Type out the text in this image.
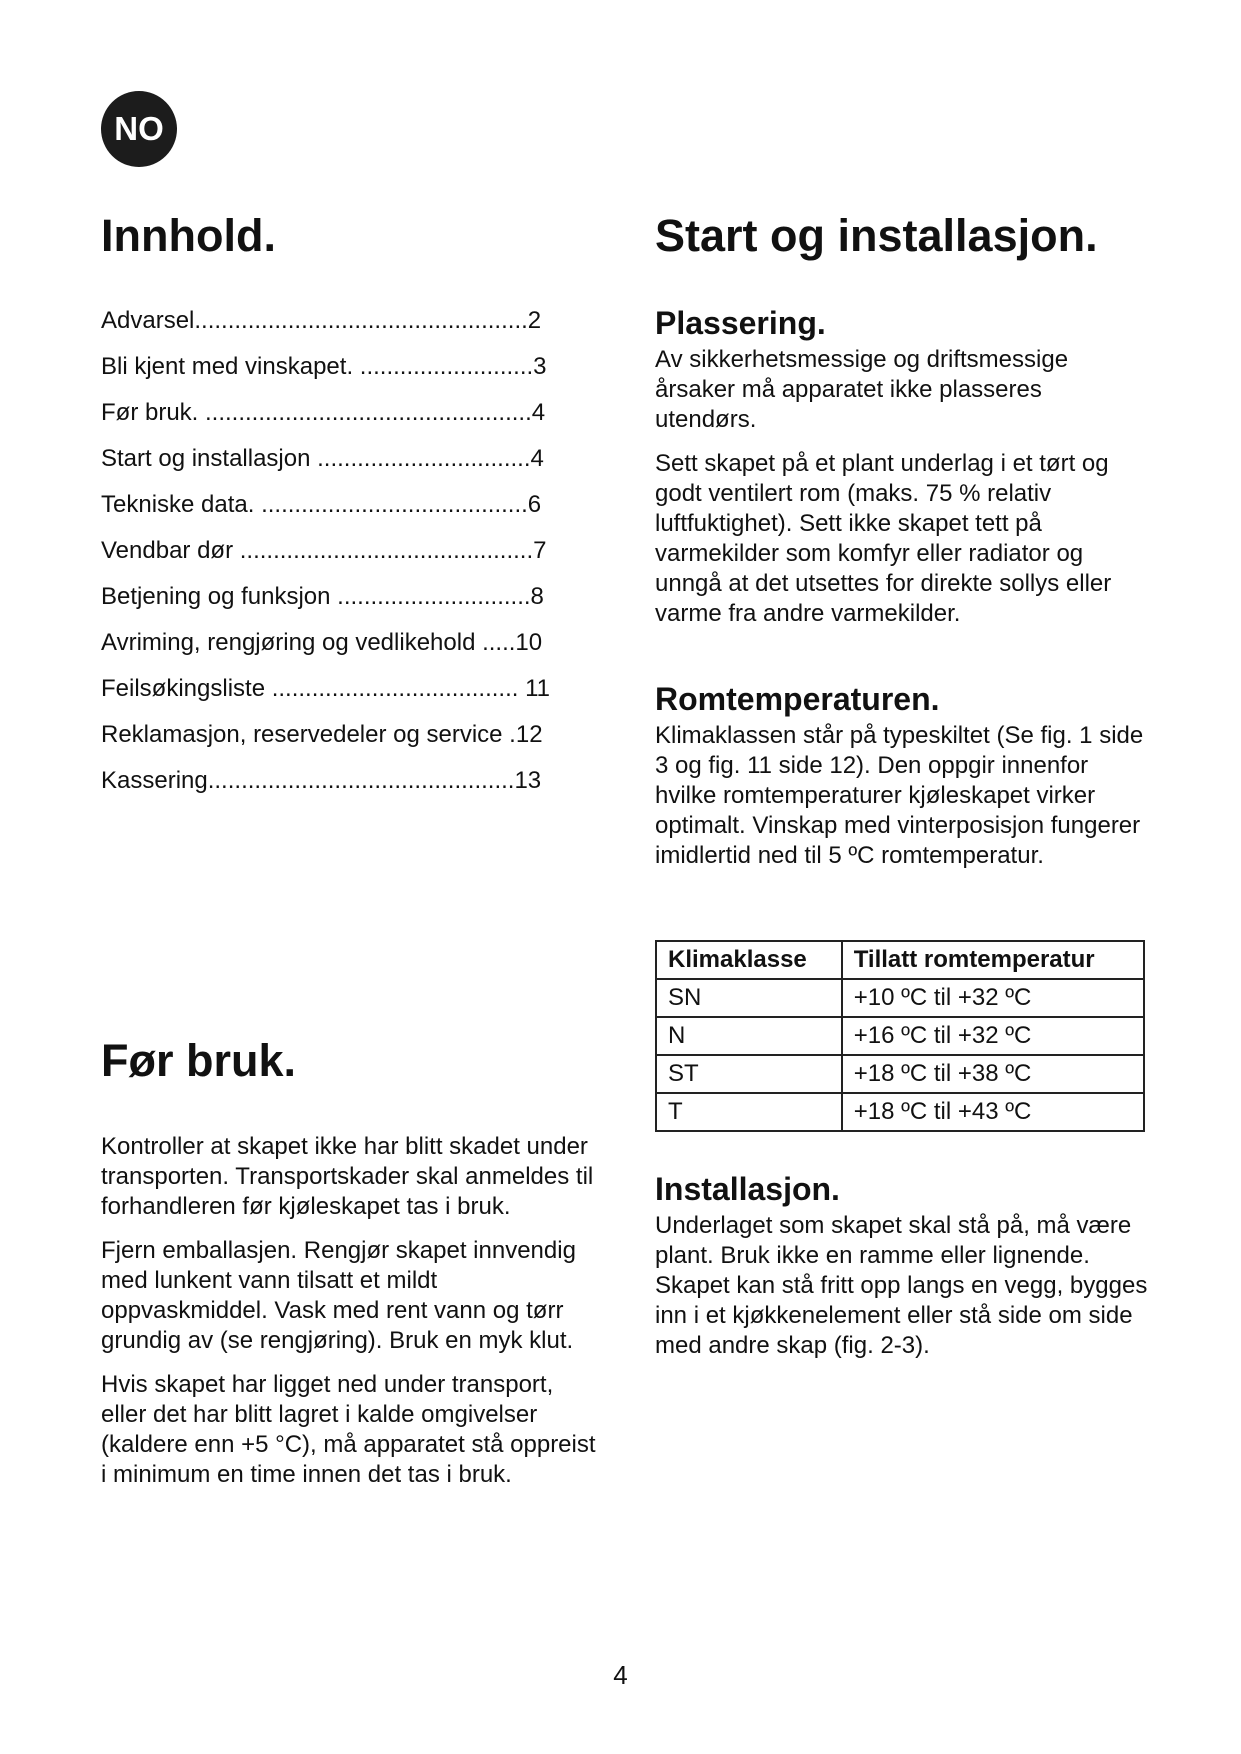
NO
Innhold.
Advarsel..................................................2
Bli kjent med vinskapet. ..........................3
Før bruk. .................................................4
Start og installasjon ................................4
Tekniske data. ........................................6
Vendbar dør ............................................7
Betjening og funksjon .............................8
Avriming, rengjøring og vedlikehold .....10
Feilsøkingsliste ..................................... 11
Reklamasjon, reservedeler og service .12
Kassering..............................................13
Før bruk.

Kontroller at skapet ikke har blitt skadet under transporten. Transportskader skal anmeldes til forhandleren før kjøleskapet tas i bruk.

Fjern emballasjen. Rengjør skapet innvendig med lunkent vann tilsatt et mildt oppvaskmiddel. Vask med rent vann og tørr grundig av (se rengjøring). Bruk en myk klut.

Hvis skapet har ligget ned under transport, eller det har blitt lagret i kalde omgivelser (kaldere enn +5 °C), må apparatet stå oppreist i minimum en time innen det tas i bruk.

Start og installasjon.
Plassering.

Av sikkerhetsmessige og driftsmessige årsaker må apparatet ikke plasseres utendørs.

Sett skapet på et plant underlag i et tørt og godt ventilert rom (maks. 75 % relativ luftfuktighet). Sett ikke skapet tett på varmekilder som komfyr eller radiator og unngå at det utsettes for direkte sollys eller varme fra andre varmekilder.

Romtemperaturen.

Klimaklassen står på typeskiltet (Se fig. 1 side 3 og fig. 11 side 12). Den oppgir innenfor hvilke romtemperaturer kjøleskapet virker optimalt. Vinskap med vinterposisjon fungerer imidlertid ned til 5 ºC romtemperatur.

Klimaklasse	Tillatt romtemperatur
SN	+10 ºC til +32 ºC
N	+16 ºC til +32 ºC
ST	+18 ºC til +38 ºC
T	+18 ºC til +43 ºC
Installasjon.

Underlaget som skapet skal stå på, må være plant. Bruk ikke en ramme eller lignende.

Skapet kan stå fritt opp langs en vegg, bygges inn i et kjøkkenelement eller stå side om side med andre skap (fig. 2-3).

4
